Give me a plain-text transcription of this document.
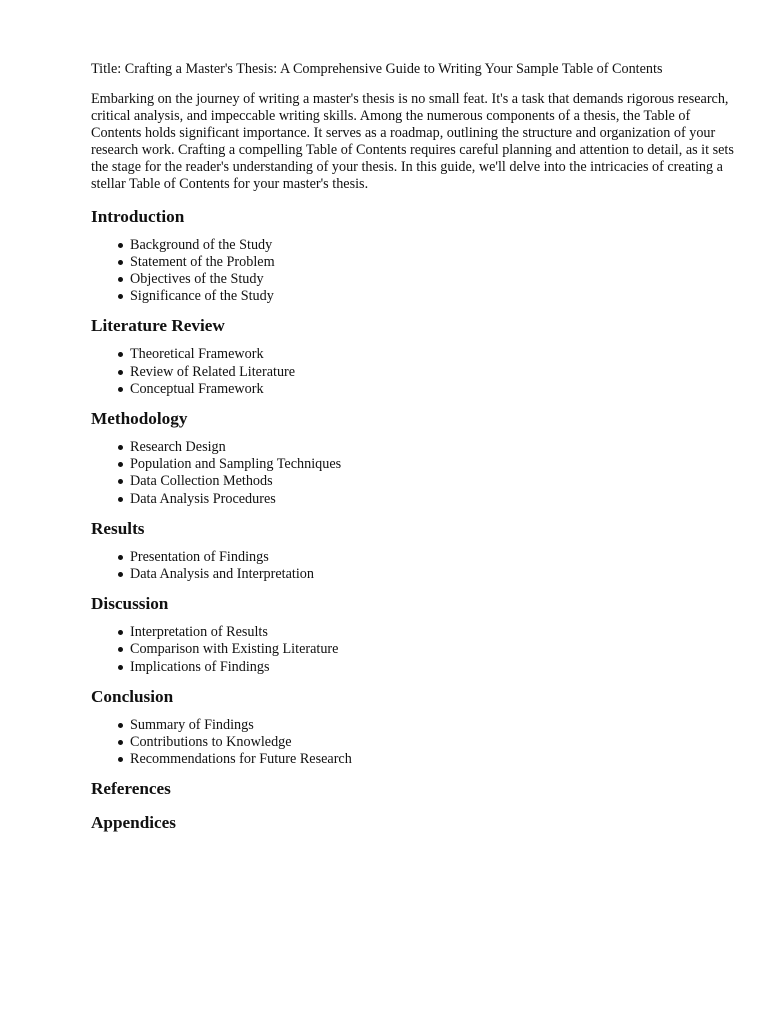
Title: Crafting a Master's Thesis: A Comprehensive Guide to Writing Your Sample Table of Contents

Embarking on the journey of writing a master's thesis is no small feat. It's a task that demands rigorous research, critical analysis, and impeccable writing skills. Among the numerous components of a thesis, the Table of Contents holds significant importance. It serves as a roadmap, outlining the structure and organization of your research work. Crafting a compelling Table of Contents requires careful planning and attention to detail, as it sets the stage for the reader's understanding of your thesis. In this guide, we'll delve into the intricacies of creating a stellar Table of Contents for your master's thesis.

Introduction
Background of the Study
Statement of the Problem
Objectives of the Study
Significance of the Study
Literature Review
Theoretical Framework
Review of Related Literature
Conceptual Framework
Methodology
Research Design
Population and Sampling Techniques
Data Collection Methods
Data Analysis Procedures
Results
Presentation of Findings
Data Analysis and Interpretation
Discussion
Interpretation of Results
Comparison with Existing Literature
Implications of Findings
Conclusion
Summary of Findings
Contributions to Knowledge
Recommendations for Future Research
References
Appendices
